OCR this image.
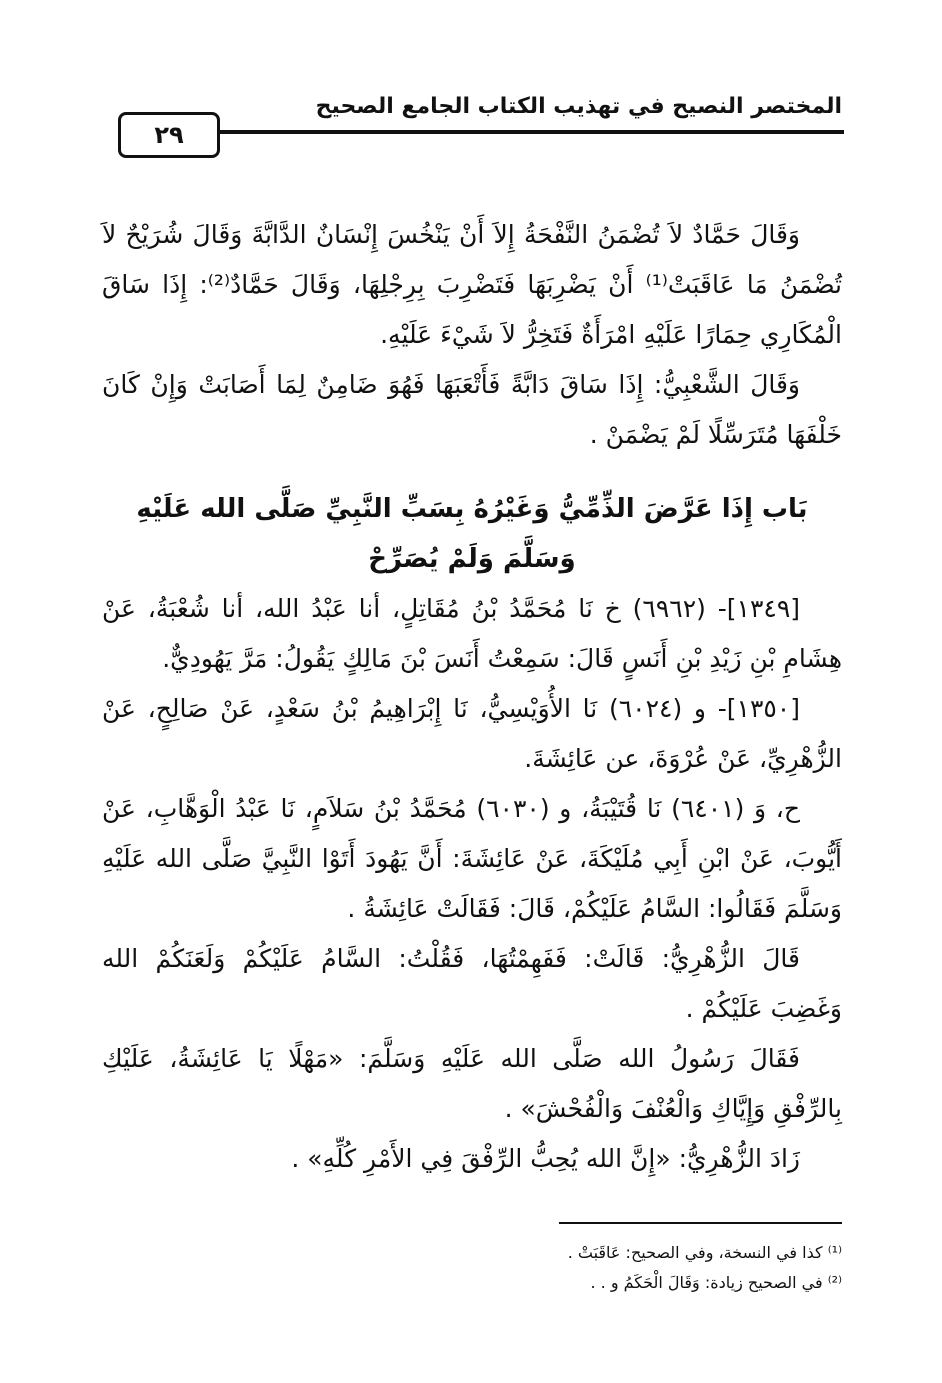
المختصر النصيح في تهذيب الكتاب الجامع الصحيح
٢٩

وَقَالَ حَمَّادٌ لاَ تُضْمَنُ النَّفْحَةُ إِلاَ أَنْ يَنْخُسَ إِنْسَانٌ الدَّابَّةَ وَقَالَ شُرَيْحٌ لاَ تُضْمَنُ مَا عَاقَبَتْ⁽¹⁾ أَنْ يَضْرِبَهَا فَتَضْرِبَ بِرِجْلِهَا، وَقَالَ حَمَّادٌ⁽²⁾: إِذَا سَاقَ الْمُكَارِي حِمَارًا عَلَيْهِ امْرَأَةٌ فَتَخِرُّ لاَ شَيْءَ عَلَيْهِ.

وَقَالَ الشَّعْبِيُّ: إِذَا سَاقَ دَابَّةً فَأَتْعَبَهَا فَهُوَ ضَامِنٌ لِمَا أَصَابَتْ وَإِنْ كَانَ خَلْفَهَا مُتَرَسِّلًا لَمْ يَضْمَنْ .

بَاب إِذَا عَرَّضَ الذِّمِّيُّ وَغَيْرُهُ بِسَبِّ النَّبِيِّ صَلَّى الله عَلَيْهِ وَسَلَّمَ وَلَمْ يُصَرِّحْ

[١٣٤٩]- (٦٩٦٢) خ نَا مُحَمَّدُ بْنُ مُقَاتِلٍ، أنا عَبْدُ الله، أنا شُعْبَةُ، عَنْ هِشَامِ بْنِ زَيْدِ بْنِ أَنَسٍ قَالَ: سَمِعْتُ أَنَسَ بْنَ مَالِكٍ يَقُولُ: مَرَّ يَهُودِيٌّ.

[١٣٥٠]- و (٦٠٢٤) نَا الأُوَيْسِيُّ، نَا إِبْرَاهِيمُ بْنُ سَعْدٍ، عَنْ صَالِحٍ، عَنْ الزُّهْرِيِّ، عَنْ عُرْوَةَ، عن عَائِشَةَ.

ح، وَ (٦٤٠١) نَا قُتَيْبَةُ، و (٦٠٣٠) مُحَمَّدُ بْنُ سَلاَمٍ، نَا عَبْدُ الْوَهَّابِ، عَنْ أَيُّوبَ، عَنْ ابْنِ أَبِي مُلَيْكَةَ، عَنْ عَائِشَةَ: أَنَّ يَهُودَ أَتَوْا النَّبِيَّ صَلَّى الله عَلَيْهِ وَسَلَّمَ فَقَالُوا: السَّامُ عَلَيْكُمْ، قَالَ: فَقَالَتْ عَائِشَةُ .

قَالَ الزُّهْرِيُّ: قَالَتْ: فَفَهِمْتُهَا، فَقُلْتُ: السَّامُ عَلَيْكُمْ وَلَعَنَكُمْ الله وَغَضِبَ عَلَيْكُمْ .

فَقَالَ رَسُولُ الله صَلَّى الله عَلَيْهِ وَسَلَّمَ: «مَهْلًا يَا عَائِشَةُ، عَلَيْكِ بِالرِّفْقِ وَإِيَّاكِ وَالْعُنْفَ وَالْفُحْشَ» .

زَادَ الزُّهْرِيُّ: «إِنَّ الله يُحِبُّ الرِّفْقَ فِي الأَمْرِ كُلِّهِ» .

⁽¹⁾ كذا في النسخة، وفي الصحيح: عَاقَبَتْ .

⁽²⁾ في الصحيح زيادة: وَقَالَ الْحَكَمُ و . .
